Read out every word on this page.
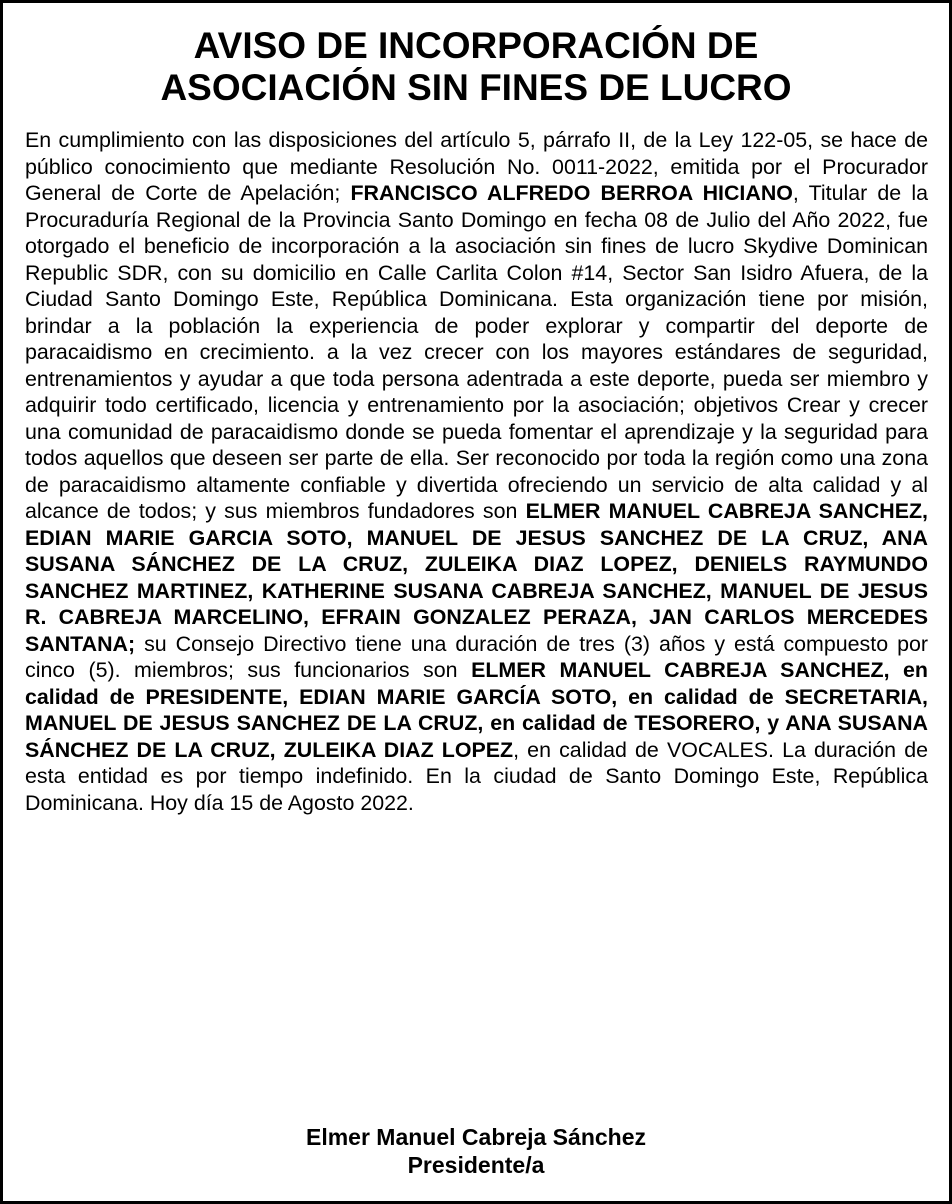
AVISO DE INCORPORACIÓN DE
ASOCIACIÓN SIN FINES DE LUCRO

En cumplimiento con las disposiciones del artículo 5, párrafo II, de la Ley 122-05, se hace de público conocimiento que mediante Resolución No. 0011-2022, emitida por el Procurador General de Corte de Apelación; FRANCISCO ALFREDO BERROA HICIANO, Titular de la Procuraduría Regional de la Provincia Santo Domingo en fecha 08 de Julio del Año 2022, fue otorgado el beneficio de incorporación a la asociación sin fines de lucro Skydive Dominican Republic SDR, con su domicilio en Calle Carlita Colon #14, Sector San Isidro Afuera, de la Ciudad Santo Domingo Este, República Dominicana. Esta organización tiene por misión, brindar a la población la experiencia de poder explorar y compartir del deporte de paracaidismo en crecimiento. a la vez crecer con los mayores estándares de seguridad, entrenamientos y ayudar a que toda persona adentrada a este deporte, pueda ser miembro y adquirir todo certificado, licencia y entrenamiento por la asociación; objetivos Crear y crecer una comunidad de paracaidismo donde se pueda fomentar el aprendizaje y la seguridad para todos aquellos que deseen ser parte de ella. Ser reconocido por toda la región como una zona de paracaidismo altamente confiable y divertida ofreciendo un servicio de alta calidad y al alcance de todos; y sus miembros fundadores son ELMER MANUEL CABREJA SANCHEZ, EDIAN MARIE GARCIA SOTO, MANUEL DE JESUS SANCHEZ DE LA CRUZ, ANA SUSANA SÁNCHEZ DE LA CRUZ, ZULEIKA DIAZ LOPEZ, DENIELS RAYMUNDO SANCHEZ MARTINEZ, KATHERINE SUSANA CABREJA SANCHEZ, MANUEL DE JESUS R. CABREJA MARCELINO, EFRAIN GONZALEZ PERAZA, JAN CARLOS MERCEDES SANTANA; su Consejo Directivo tiene una duración de tres (3) años y está compuesto por cinco (5). miembros; sus funcionarios son ELMER MANUEL CABREJA SANCHEZ, en calidad de PRESIDENTE, EDIAN MARIE GARCÍA SOTO, en calidad de SECRETARIA, MANUEL DE JESUS SANCHEZ DE LA CRUZ, en calidad de TESORERO, y ANA SUSANA SÁNCHEZ DE LA CRUZ, ZULEIKA DIAZ LOPEZ, en calidad de VOCALES. La duración de esta entidad es por tiempo indefinido. En la ciudad de Santo Domingo Este, República Dominicana. Hoy día 15 de Agosto 2022.

Elmer Manuel Cabreja Sánchez
Presidente/a
